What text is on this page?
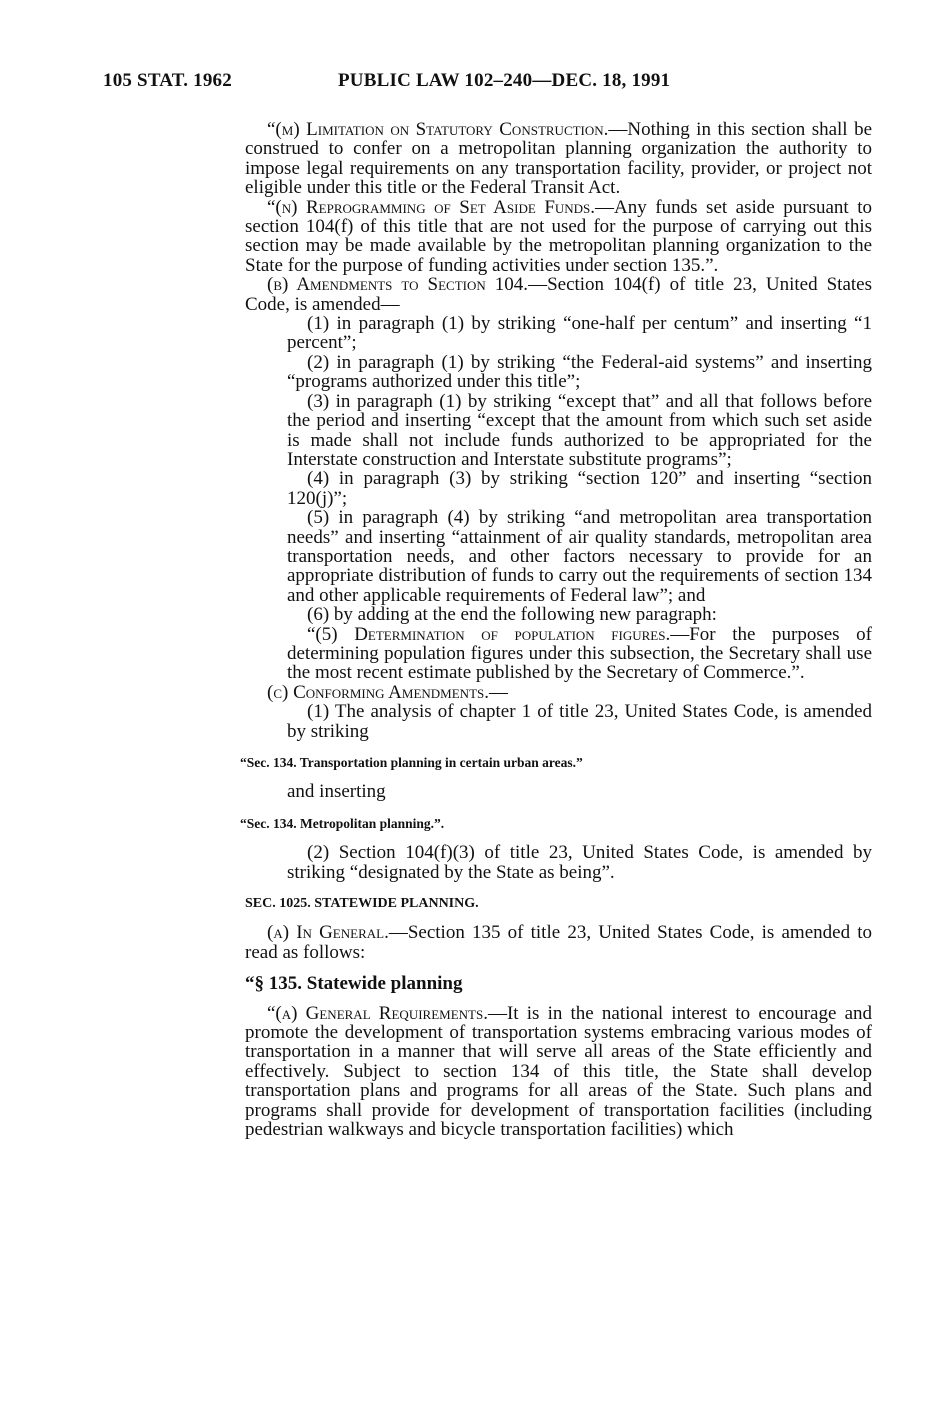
105 STAT. 1962	PUBLIC LAW 102–240—DEC. 18, 1991

“(m) Limitation on Statutory Construction.—Nothing in this section shall be construed to confer on a metropolitan planning organization the authority to impose legal requirements on any transportation facility, provider, or project not eligible under this title or the Federal Transit Act.

“(n) Reprogramming of Set Aside Funds.—Any funds set aside pursuant to section 104(f) of this title that are not used for the purpose of carrying out this section may be made available by the metropolitan planning organization to the State for the purpose of funding activities under section 135.”.

(b) Amendments to Section 104.—Section 104(f) of title 23, United States Code, is amended—

(1) in paragraph (1) by striking “one-half per centum” and inserting “1 percent”;

(2) in paragraph (1) by striking “the Federal-aid systems” and inserting “programs authorized under this title”;

(3) in paragraph (1) by striking “except that” and all that follows before the period and inserting “except that the amount from which such set aside is made shall not include funds authorized to be appropriated for the Interstate construction and Interstate substitute programs”;

(4) in paragraph (3) by striking “section 120” and inserting “section 120(j)”;

(5) in paragraph (4) by striking “and metropolitan area transportation needs” and inserting “attainment of air quality standards, metropolitan area transportation needs, and other factors necessary to provide for an appropriate distribution of funds to carry out the requirements of section 134 and other applicable requirements of Federal law”; and

(6) by adding at the end the following new paragraph:

“(5) Determination of population figures.—For the purposes of determining population figures under this subsection, the Secretary shall use the most recent estimate published by the Secretary of Commerce.”.

(c) Conforming Amendments.—

(1) The analysis of chapter 1 of title 23, United States Code, is amended by striking

“Sec. 134. Transportation planning in certain urban areas.”

and inserting

“Sec. 134. Metropolitan planning.”.

(2) Section 104(f)(3) of title 23, United States Code, is amended by striking “designated by the State as being”.

SEC. 1025. STATEWIDE PLANNING.

(a) In General.—Section 135 of title 23, United States Code, is amended to read as follows:

“§ 135. Statewide planning

“(a) General Requirements.—It is in the national interest to encourage and promote the development of transportation systems embracing various modes of transportation in a manner that will serve all areas of the State efficiently and effectively. Subject to section 134 of this title, the State shall develop transportation plans and programs for all areas of the State. Such plans and programs shall provide for development of transportation facilities (including pedestrian walkways and bicycle transportation facilities) which
